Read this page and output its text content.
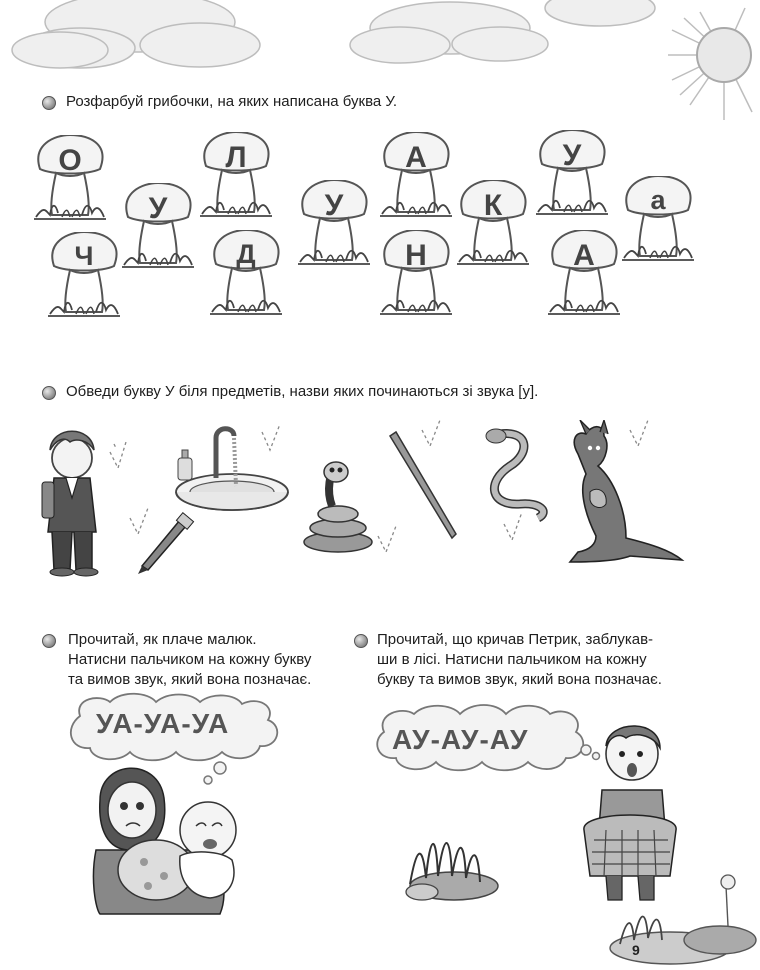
Розфарбуй грибочки, на яких написана буква У.
О
У
Л
Д
Ч
У
А
Н
К
У
А
а
Обведи букву У біля предметів, назви яких починаються зі звука [у].
Прочитай, як плаче малюк.
Натисни пальчиком на кожну букву
та вимов звук, який вона позначає.
УА-УА-УА
Прочитай, що кричав Петрик, заблукав-
ши в лісі. Натисни пальчиком на кожну
букву та вимов звук, який вона позначає.
АУ-АУ-АУ
9
